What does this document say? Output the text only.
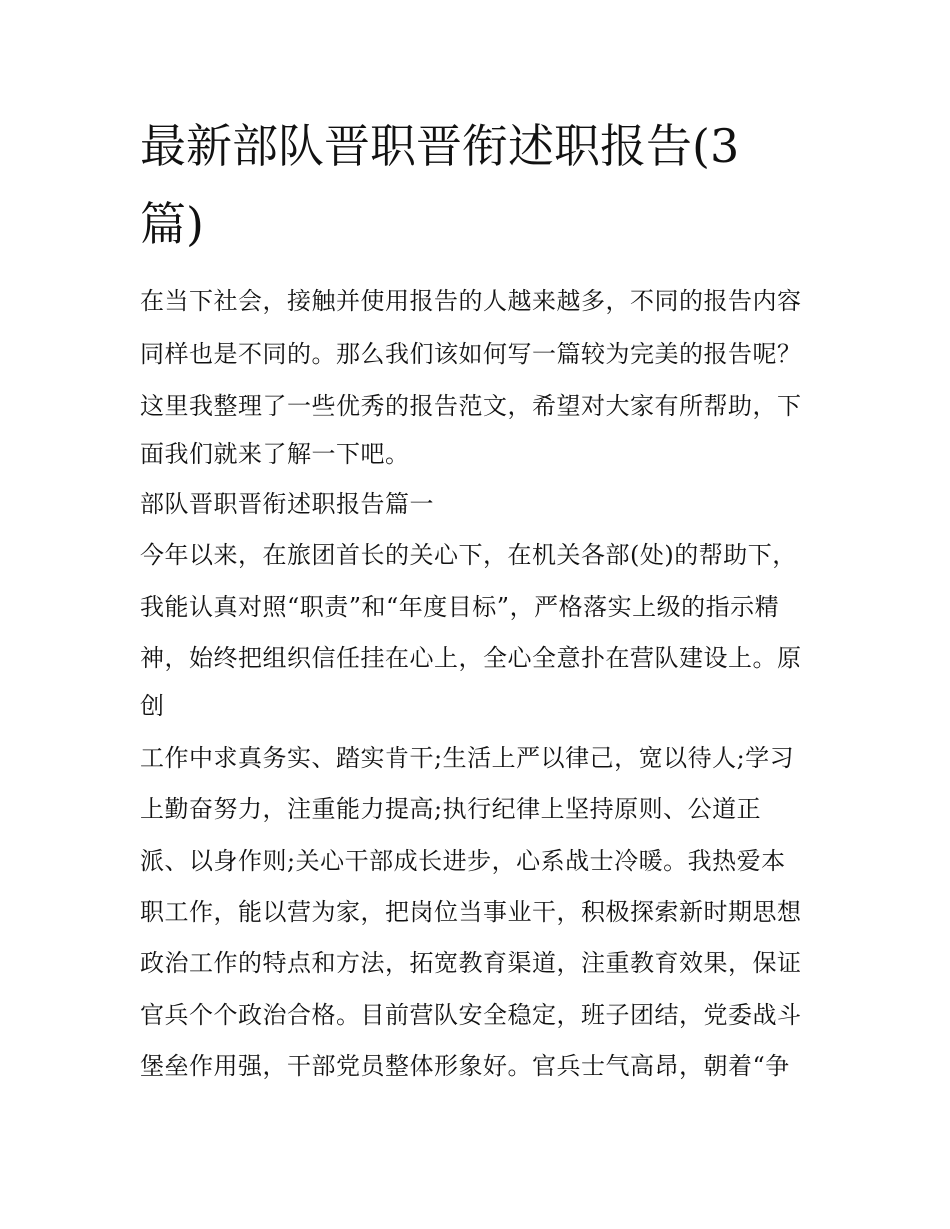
最新部队晋职晋衔述职报告(3
篇)
在当下社会，接触并使用报告的人越来越多，不同的报告内容
同样也是不同的。那么我们该如何写一篇较为完美的报告呢？
这里我整理了一些优秀的报告范文，希望对大家有所帮助，下
面我们就来了解一下吧。
部队晋职晋衔述职报告篇一
今年以来，在旅团首长的关心下，在机关各部(处)的帮助下，
我能认真对照“职责”和“年度目标”，严格落实上级的指示精
神，始终把组织信任挂在心上，全心全意扑在营队建设上。原
创
工作中求真务实、踏实肯干;生活上严以律己，宽以待人;学习
上勤奋努力，注重能力提高;执行纪律上坚持原则、公道正
派、以身作则;关心干部成长进步，心系战士冷暖。我热爱本
职工作，能以营为家，把岗位当事业干，积极探索新时期思想
政治工作的特点和方法，拓宽教育渠道，注重教育效果，保证
官兵个个政治合格。目前营队安全稳定，班子团结，党委战斗
堡垒作用强，干部党员整体形象好。官兵士气高昂，朝着“争
